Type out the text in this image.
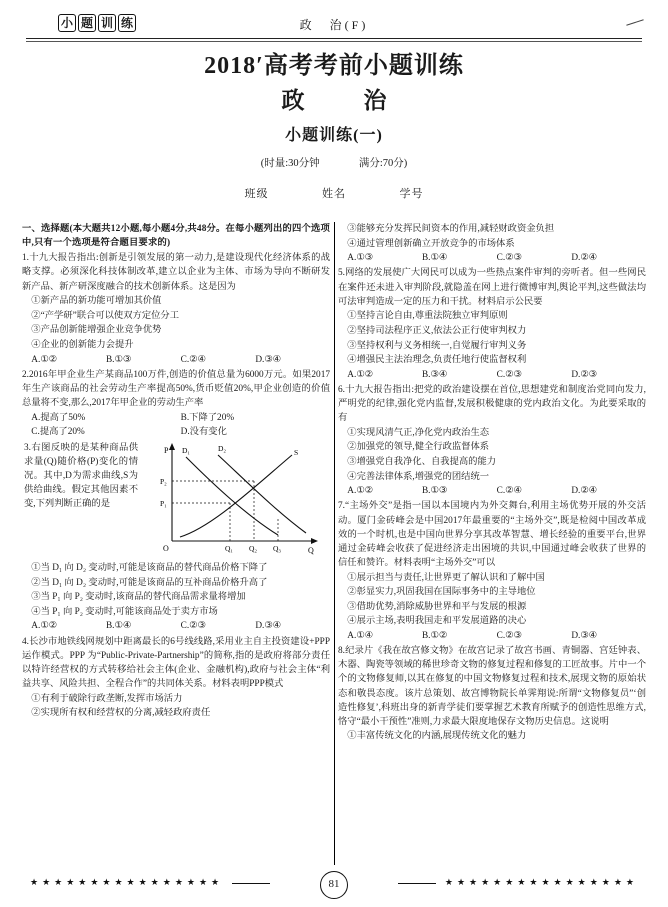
小 题 训 练	政　治(F)
2018′高考考前小题训练
政　治
小题训练(一)
(时量:30分钟	满分:70分)
班级	姓名	学号

一、选择题(本大题共12小题,每小题4分,共48分。在每小题列出的四个选项中,只有一个选项是符合题目要求的)

1.十九大报告指出:创新是引领发展的第一动力,是建设现代化经济体系的战略支撑。必须深化科技体制改革,建立以企业为主体、市场为导向不断研发新产品、新产研深度融合的技术创新体系。这是因为

①新产品的新功能可增加其价值

②“产学研”联合可以使双方定位分工

③产品创新能增强企业竞争优势

④企业的创新能力会提升

A.①②	B.①③	C.②④	D.③④

2.2016年甲企业生产某商品100万件,创造的价值总量为6000万元。如果2017年生产该商品的社会劳动生产率提高50%,货币贬值20%,甲企业创造的价值总量将不变,那么,2017年甲企业的劳动生产率

A.提高了50%	B.下降了20%
C.提高了20%	D.没有变化

3.右图反映的是某种商品供求量(Q)随价格(P)变化的情况。其中,D为需求曲线,S为供给曲线。假定其他因素不变,下列判断正确的是

P
Q
O
S
D₁	D₂
P₂
P₁
Q₁ Q₂ Q₃

①当 D₁ 向 D₂ 变动时,可能是该商品的替代商品价格下降了

②当 D₁ 向 D₂ 变动时,可能是该商品的互补商品价格升高了

③当 P₁ 向 P₂ 变动时,该商品的替代商品需求量将增加

④当 P₁ 向 P₂ 变动时,可能该商品处于卖方市场

A.①②	B.①④	C.②③	D.③④

4.长沙市地铁线网规划中距离最长的6号线线路,采用业主自主投资建设+PPP 运作模式。PPP 为“Public-Private-Partnership”的简称,指的是政府将部分责任以特许经营权的方式转移给社会主体(企业、金融机构),政府与社会主体“利益共享、风险共担、全程合作”的共同体关系。材料表明PPP模式

①有利于破除行政垄断,发挥市场活力

②实现所有权和经营权的分离,减轻政府责任

③能够充分发挥民间资本的作用,减轻财政资金负担

④通过管理创新确立开放竞争的市场体系

A.①③	B.①④	C.②③	D.②④

5.网络的发展使广大网民可以成为一些热点案件审判的旁听者。但一些网民在案件还未进入审判阶段,就隐盖在网上进行微博审判,舆论平判,这些做法均可法审判造成一定的压力和干扰。材料启示公民要

①坚持言论自由,尊重法院独立审判原则

②坚持司法程序正义,依法公正行使审判权力

③坚持权利与义务相统一,自觉履行审判义务

④增强民主法治理念,负责任地行使监督权利

A.①②	B.③④	C.②③	D.②③

6.十九大报告指出:把党的政治建设摆在首位,思想建党和制度治党同向发力,严明党的纪律,强化党内监督,发展积极健康的党内政治文化。为此要采取的有

①实现风清气正,净化党内政治生态

②加强党的领导,健全行政监督体系

③增强党自我净化、自我提高的能力

④完善法律体系,增强党的团结统一

A.①②	B.①③	C.②④	D.②④

7.“主场外交”是指一国以本国境内为外交舞台,利用主场优势开展的外交活动。厦门金砖峰会是中国2017年最重要的“主场外交”,既是检阅中国改革成效的一个时机,也是中国向世界分享其改革智慧、增长经验的重要平台,世界通过金砖峰会收获了促进经济走出困境的共识,中国通过峰会收获了世界的信任和赞许。材料表明“主场外交”可以

①展示担当与责任,让世界更了解认识和了解中国

②彰显实力,巩固我国在国际事务中的主导地位

③借助优势,消除威胁世界和平与发展的根源

④展示主场,表明我国走和平发展道路的决心

A.①④	B.①②	C.②③	D.③④

8.纪录片《我在故宫修文物》在故宫记录了故宫书画、青铜器、宫廷钟表、木器、陶瓷等领域的稀世珍奇文物的修复过程和修复的工匠故事。片中一个个的文物修复师,以其在修复的中国文物修复过程和技术,展现文物的原始状态和敬畏态度。该片总策划、故宫博物院长单霁翔说:所谓“文物修复员”‘创造性修复’,科班出身的新青学徒们要掌握艺术教育所赋予的创造性思维方式,恪守“最小干预性”准则,力求最大限度地保存文物历史信息。这说明

①丰富传统文化的内涵,展现传统文化的魅力

★★★★★★★★★★★★★★★★	★★★★★★★★★★★★★★★★
81
